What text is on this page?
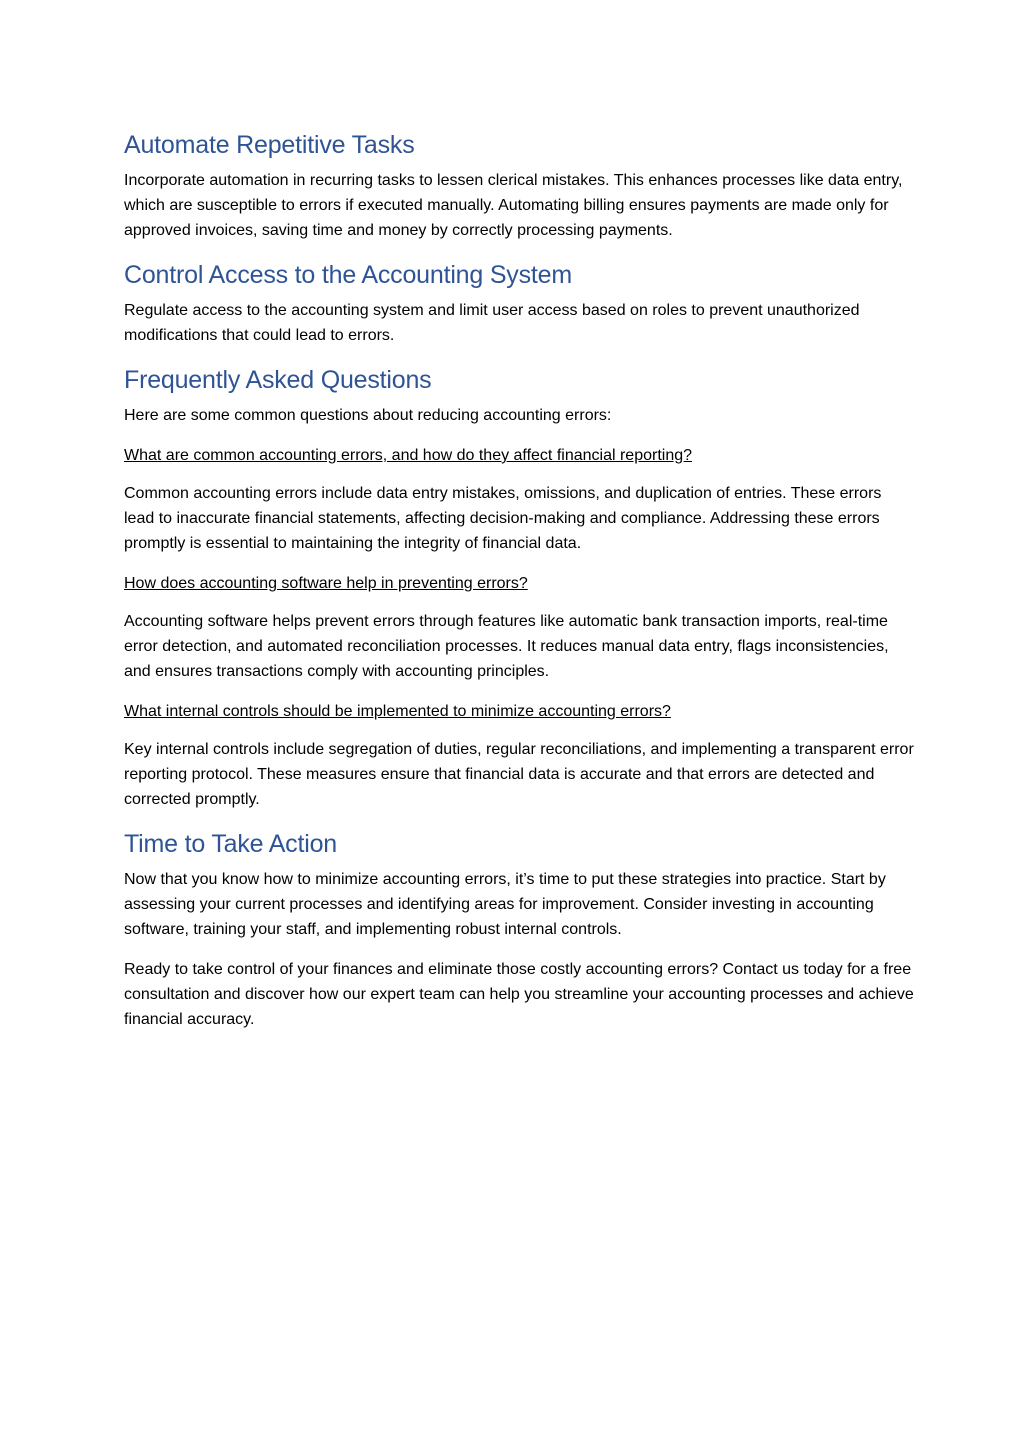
Automate Repetitive Tasks

Incorporate automation in recurring tasks to lessen clerical mistakes. This enhances processes like data entry, which are susceptible to errors if executed manually. Automating billing ensures payments are made only for approved invoices, saving time and money by correctly processing payments.

Control Access to the Accounting System

Regulate access to the accounting system and limit user access based on roles to prevent unauthorized modifications that could lead to errors.

Frequently Asked Questions

Here are some common questions about reducing accounting errors:

What are common accounting errors, and how do they affect financial reporting?

Common accounting errors include data entry mistakes, omissions, and duplication of entries. These errors lead to inaccurate financial statements, affecting decision-making and compliance. Addressing these errors promptly is essential to maintaining the integrity of financial data.

How does accounting software help in preventing errors?

Accounting software helps prevent errors through features like automatic bank transaction imports, real-time error detection, and automated reconciliation processes. It reduces manual data entry, flags inconsistencies, and ensures transactions comply with accounting principles.

What internal controls should be implemented to minimize accounting errors?

Key internal controls include segregation of duties, regular reconciliations, and implementing a transparent error reporting protocol. These measures ensure that financial data is accurate and that errors are detected and corrected promptly.

Time to Take Action

Now that you know how to minimize accounting errors, it’s time to put these strategies into practice. Start by assessing your current processes and identifying areas for improvement. Consider investing in accounting software, training your staff, and implementing robust internal controls.

Ready to take control of your finances and eliminate those costly accounting errors? Contact us today for a free consultation and discover how our expert team can help you streamline your accounting processes and achieve financial accuracy.
